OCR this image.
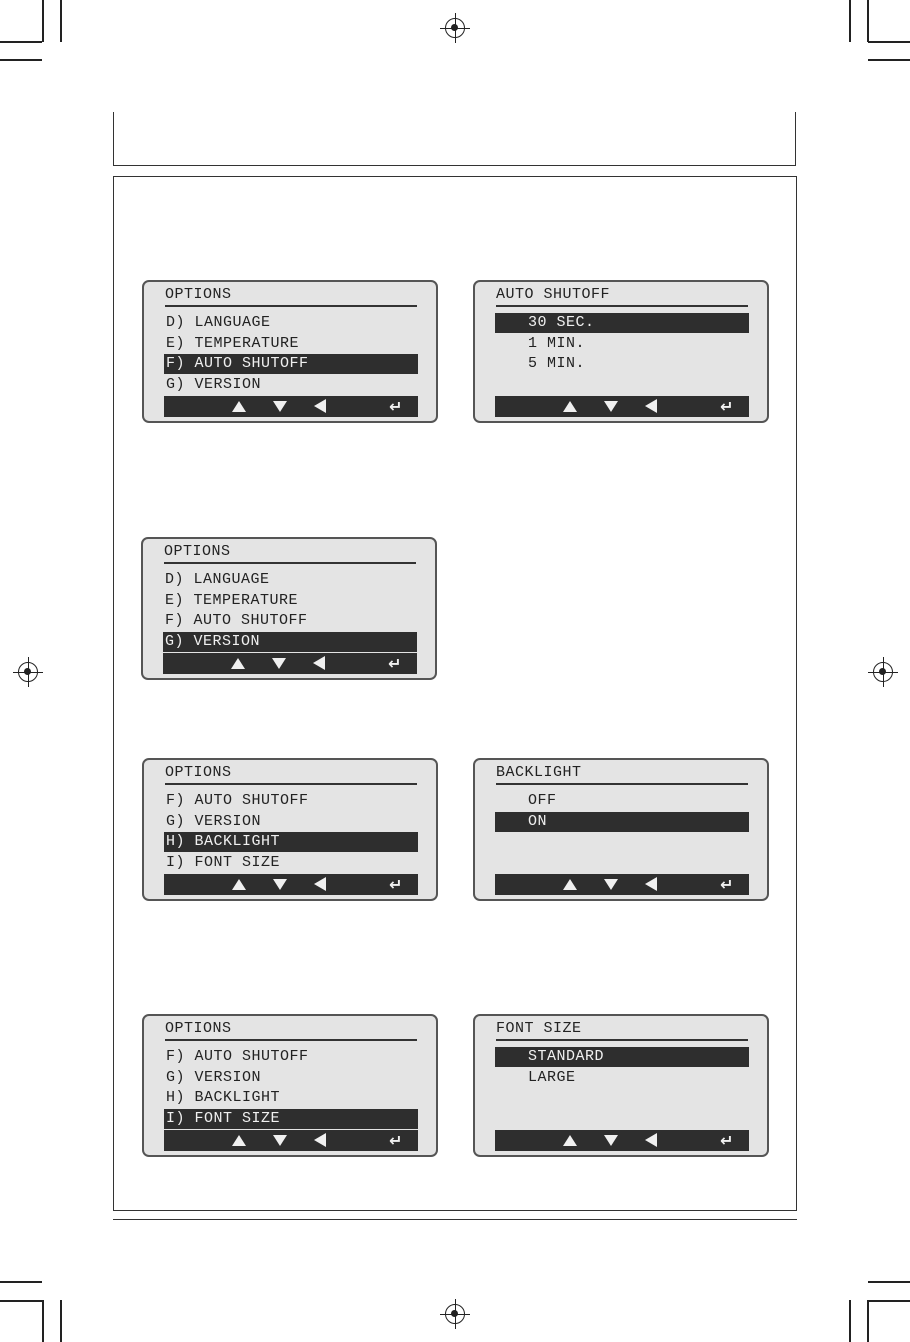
OPTIONS
D) LANGUAGE
E) TEMPERATURE
F) AUTO SHUTOFF
G) VERSION
↵
AUTO SHUTOFF
30 SEC.
1 MIN.
5 MIN.
↵
OPTIONS
D) LANGUAGE
E) TEMPERATURE
F) AUTO SHUTOFF
G) VERSION
↵
OPTIONS
F) AUTO SHUTOFF
G) VERSION
H) BACKLIGHT
I) FONT SIZE
↵
BACKLIGHT
OFF
ON
↵
OPTIONS
F) AUTO SHUTOFF
G) VERSION
H) BACKLIGHT
I) FONT SIZE
↵
FONT SIZE
STANDARD
LARGE
↵
